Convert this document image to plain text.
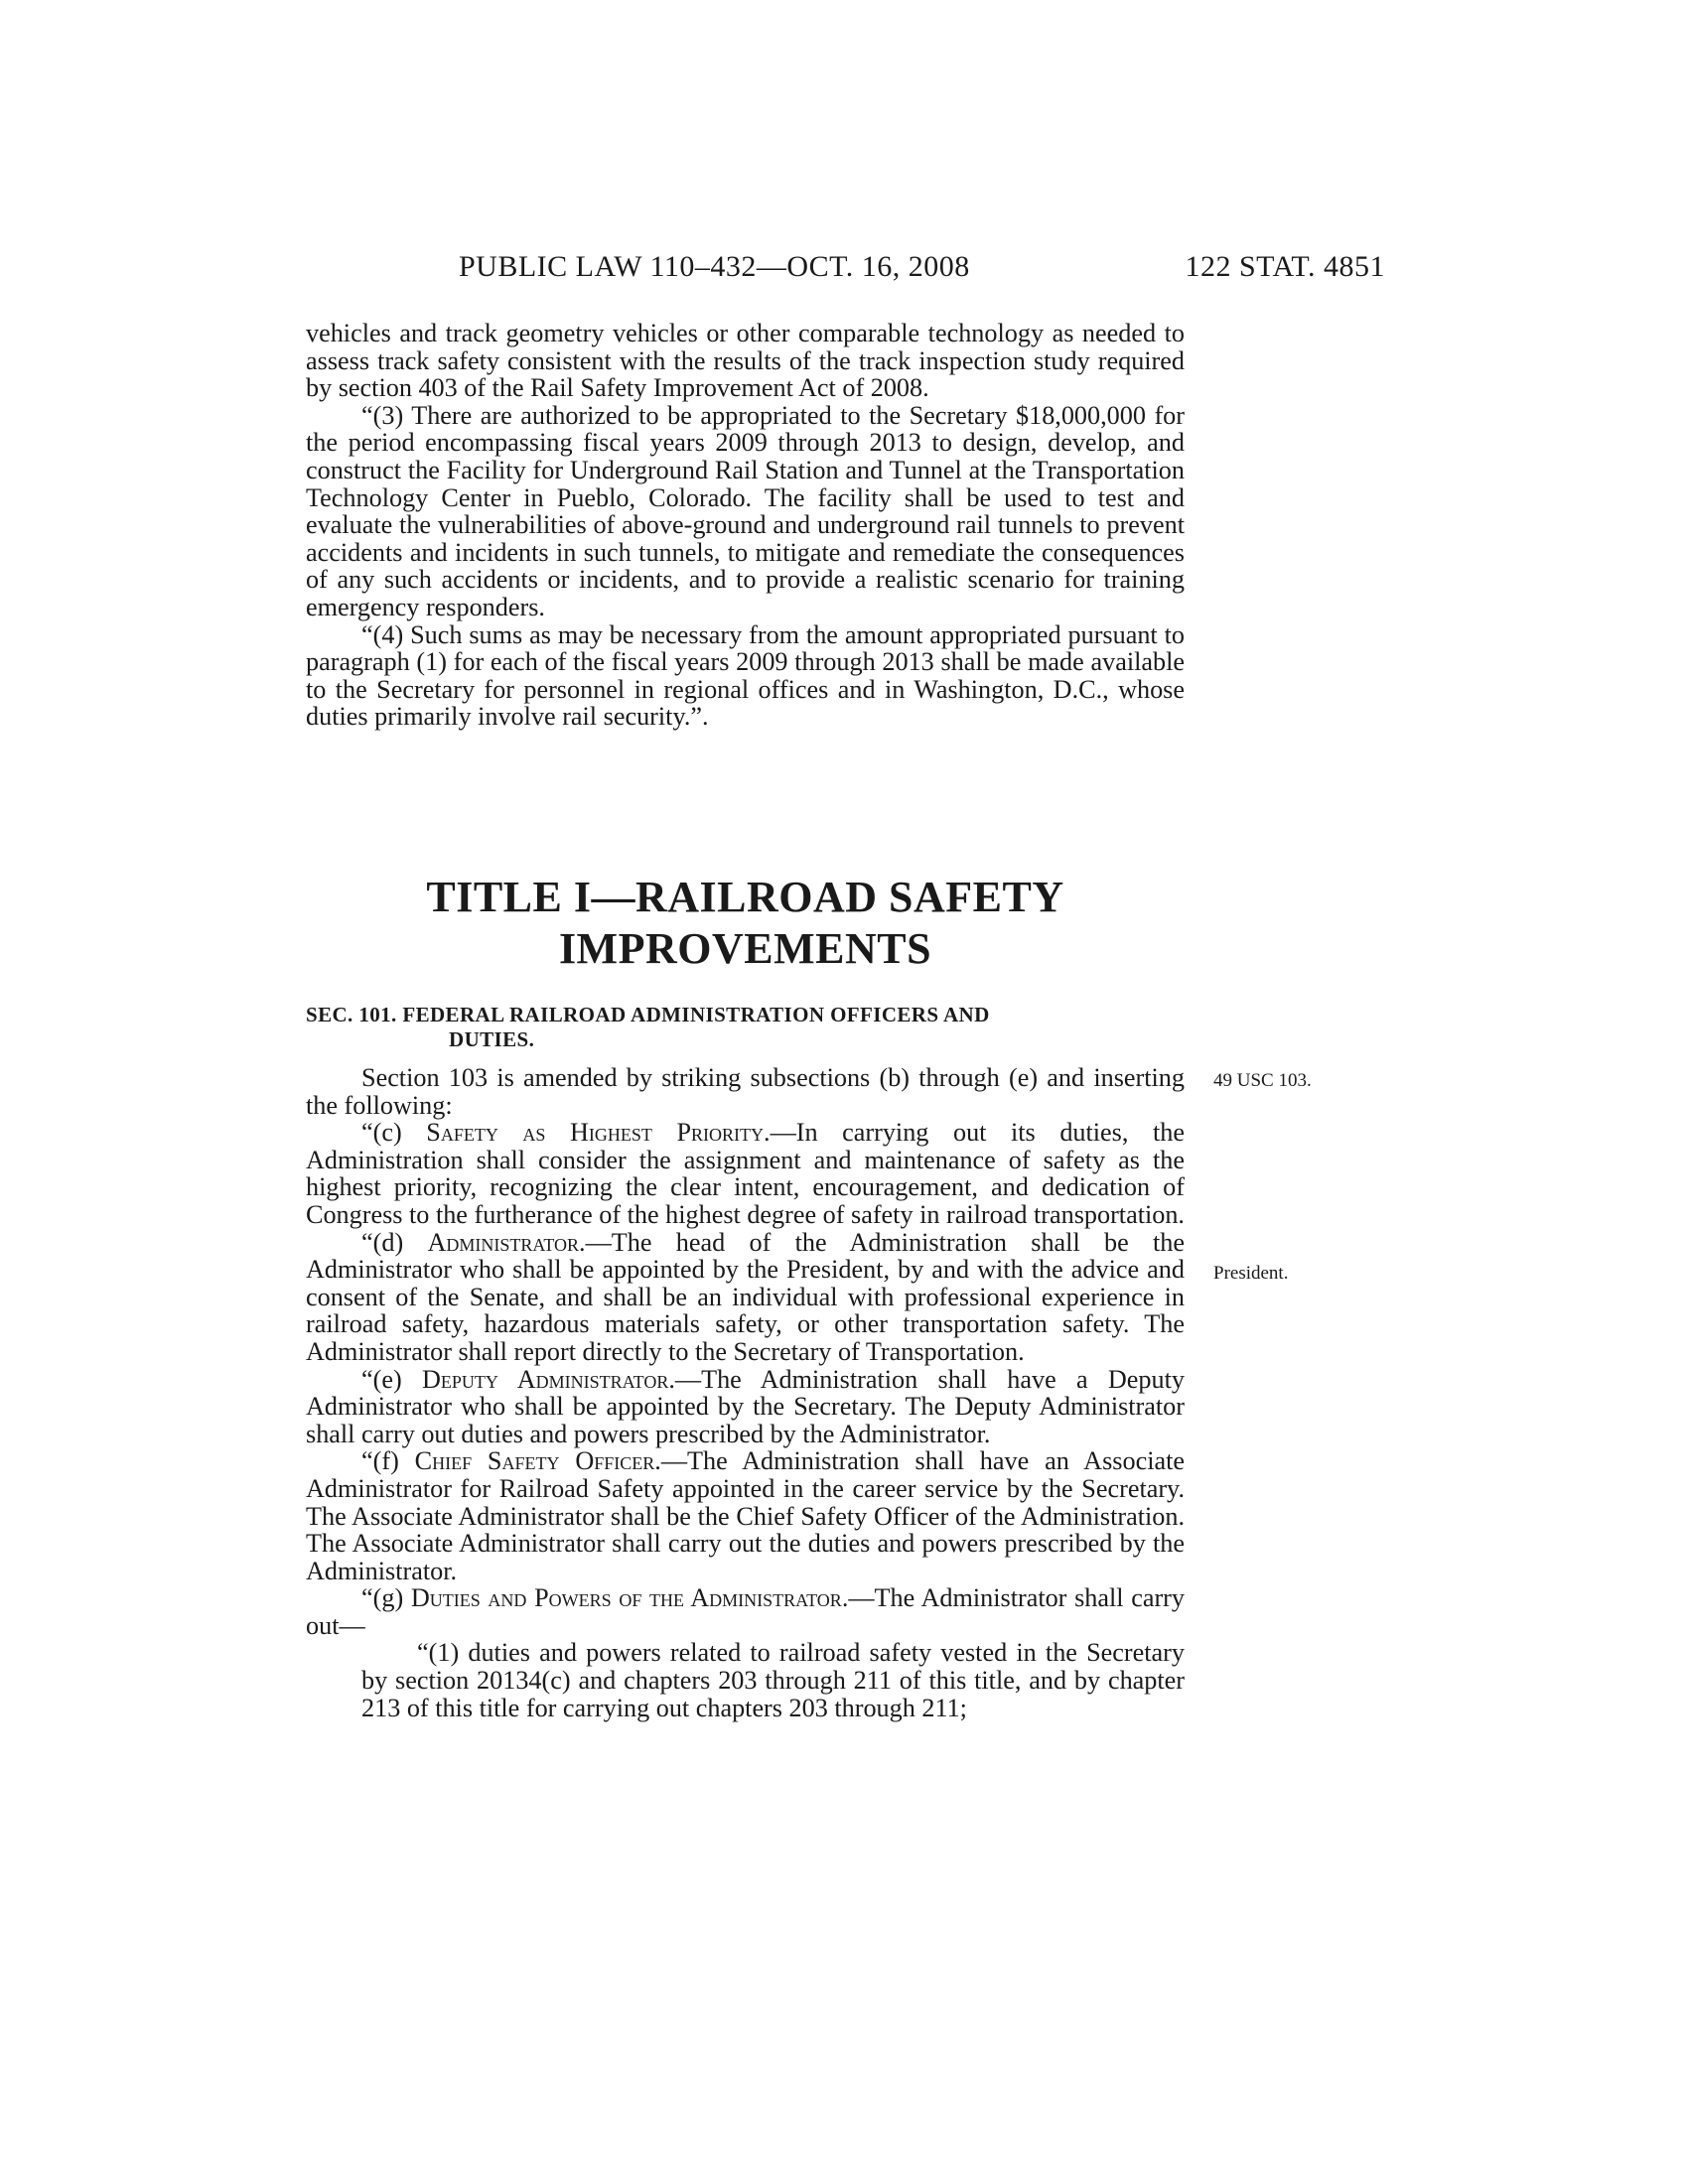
PUBLIC LAW 110–432—OCT. 16, 2008	122 STAT. 4851

vehicles and track geometry vehicles or other comparable technology as needed to assess track safety consistent with the results of the track inspection study required by section 403 of the Rail Safety Improvement Act of 2008.

“(3) There are authorized to be appropriated to the Secretary $18,000,000 for the period encompassing fiscal years 2009 through 2013 to design, develop, and construct the Facility for Underground Rail Station and Tunnel at the Transportation Technology Center in Pueblo, Colorado. The facility shall be used to test and evaluate the vulnerabilities of above-ground and underground rail tunnels to prevent accidents and incidents in such tunnels, to mitigate and remediate the consequences of any such accidents or incidents, and to provide a realistic scenario for training emergency responders.

“(4) Such sums as may be necessary from the amount appropriated pursuant to paragraph (1) for each of the fiscal years 2009 through 2013 shall be made available to the Secretary for personnel in regional offices and in Washington, D.C., whose duties primarily involve rail security.”.

TITLE I—RAILROAD SAFETY
IMPROVEMENTS
SEC. 101. FEDERAL RAILROAD ADMINISTRATION OFFICERS AND
DUTIES.

Section 103 is amended by striking subsections (b) through (e) and inserting the following:

“(c) Safety as Highest Priority.—In carrying out its duties, the Administration shall consider the assignment and maintenance of safety as the highest priority, recognizing the clear intent, encouragement, and dedication of Congress to the furtherance of the highest degree of safety in railroad transportation.

“(d) Administrator.—The head of the Administration shall be the Administrator who shall be appointed by the President, by and with the advice and consent of the Senate, and shall be an individual with professional experience in railroad safety, hazardous materials safety, or other transportation safety. The Administrator shall report directly to the Secretary of Transportation.

“(e) Deputy Administrator.—The Administration shall have a Deputy Administrator who shall be appointed by the Secretary. The Deputy Administrator shall carry out duties and powers prescribed by the Administrator.

“(f) Chief Safety Officer.—The Administration shall have an Associate Administrator for Railroad Safety appointed in the career service by the Secretary. The Associate Administrator shall be the Chief Safety Officer of the Administration. The Associate Administrator shall carry out the duties and powers prescribed by the Administrator.

“(g) Duties and Powers of the Administrator.—The Administrator shall carry out—

“(1) duties and powers related to railroad safety vested in the Secretary by section 20134(c) and chapters 203 through 211 of this title, and by chapter 213 of this title for carrying out chapters 203 through 211;

49 USC 103.
President.
